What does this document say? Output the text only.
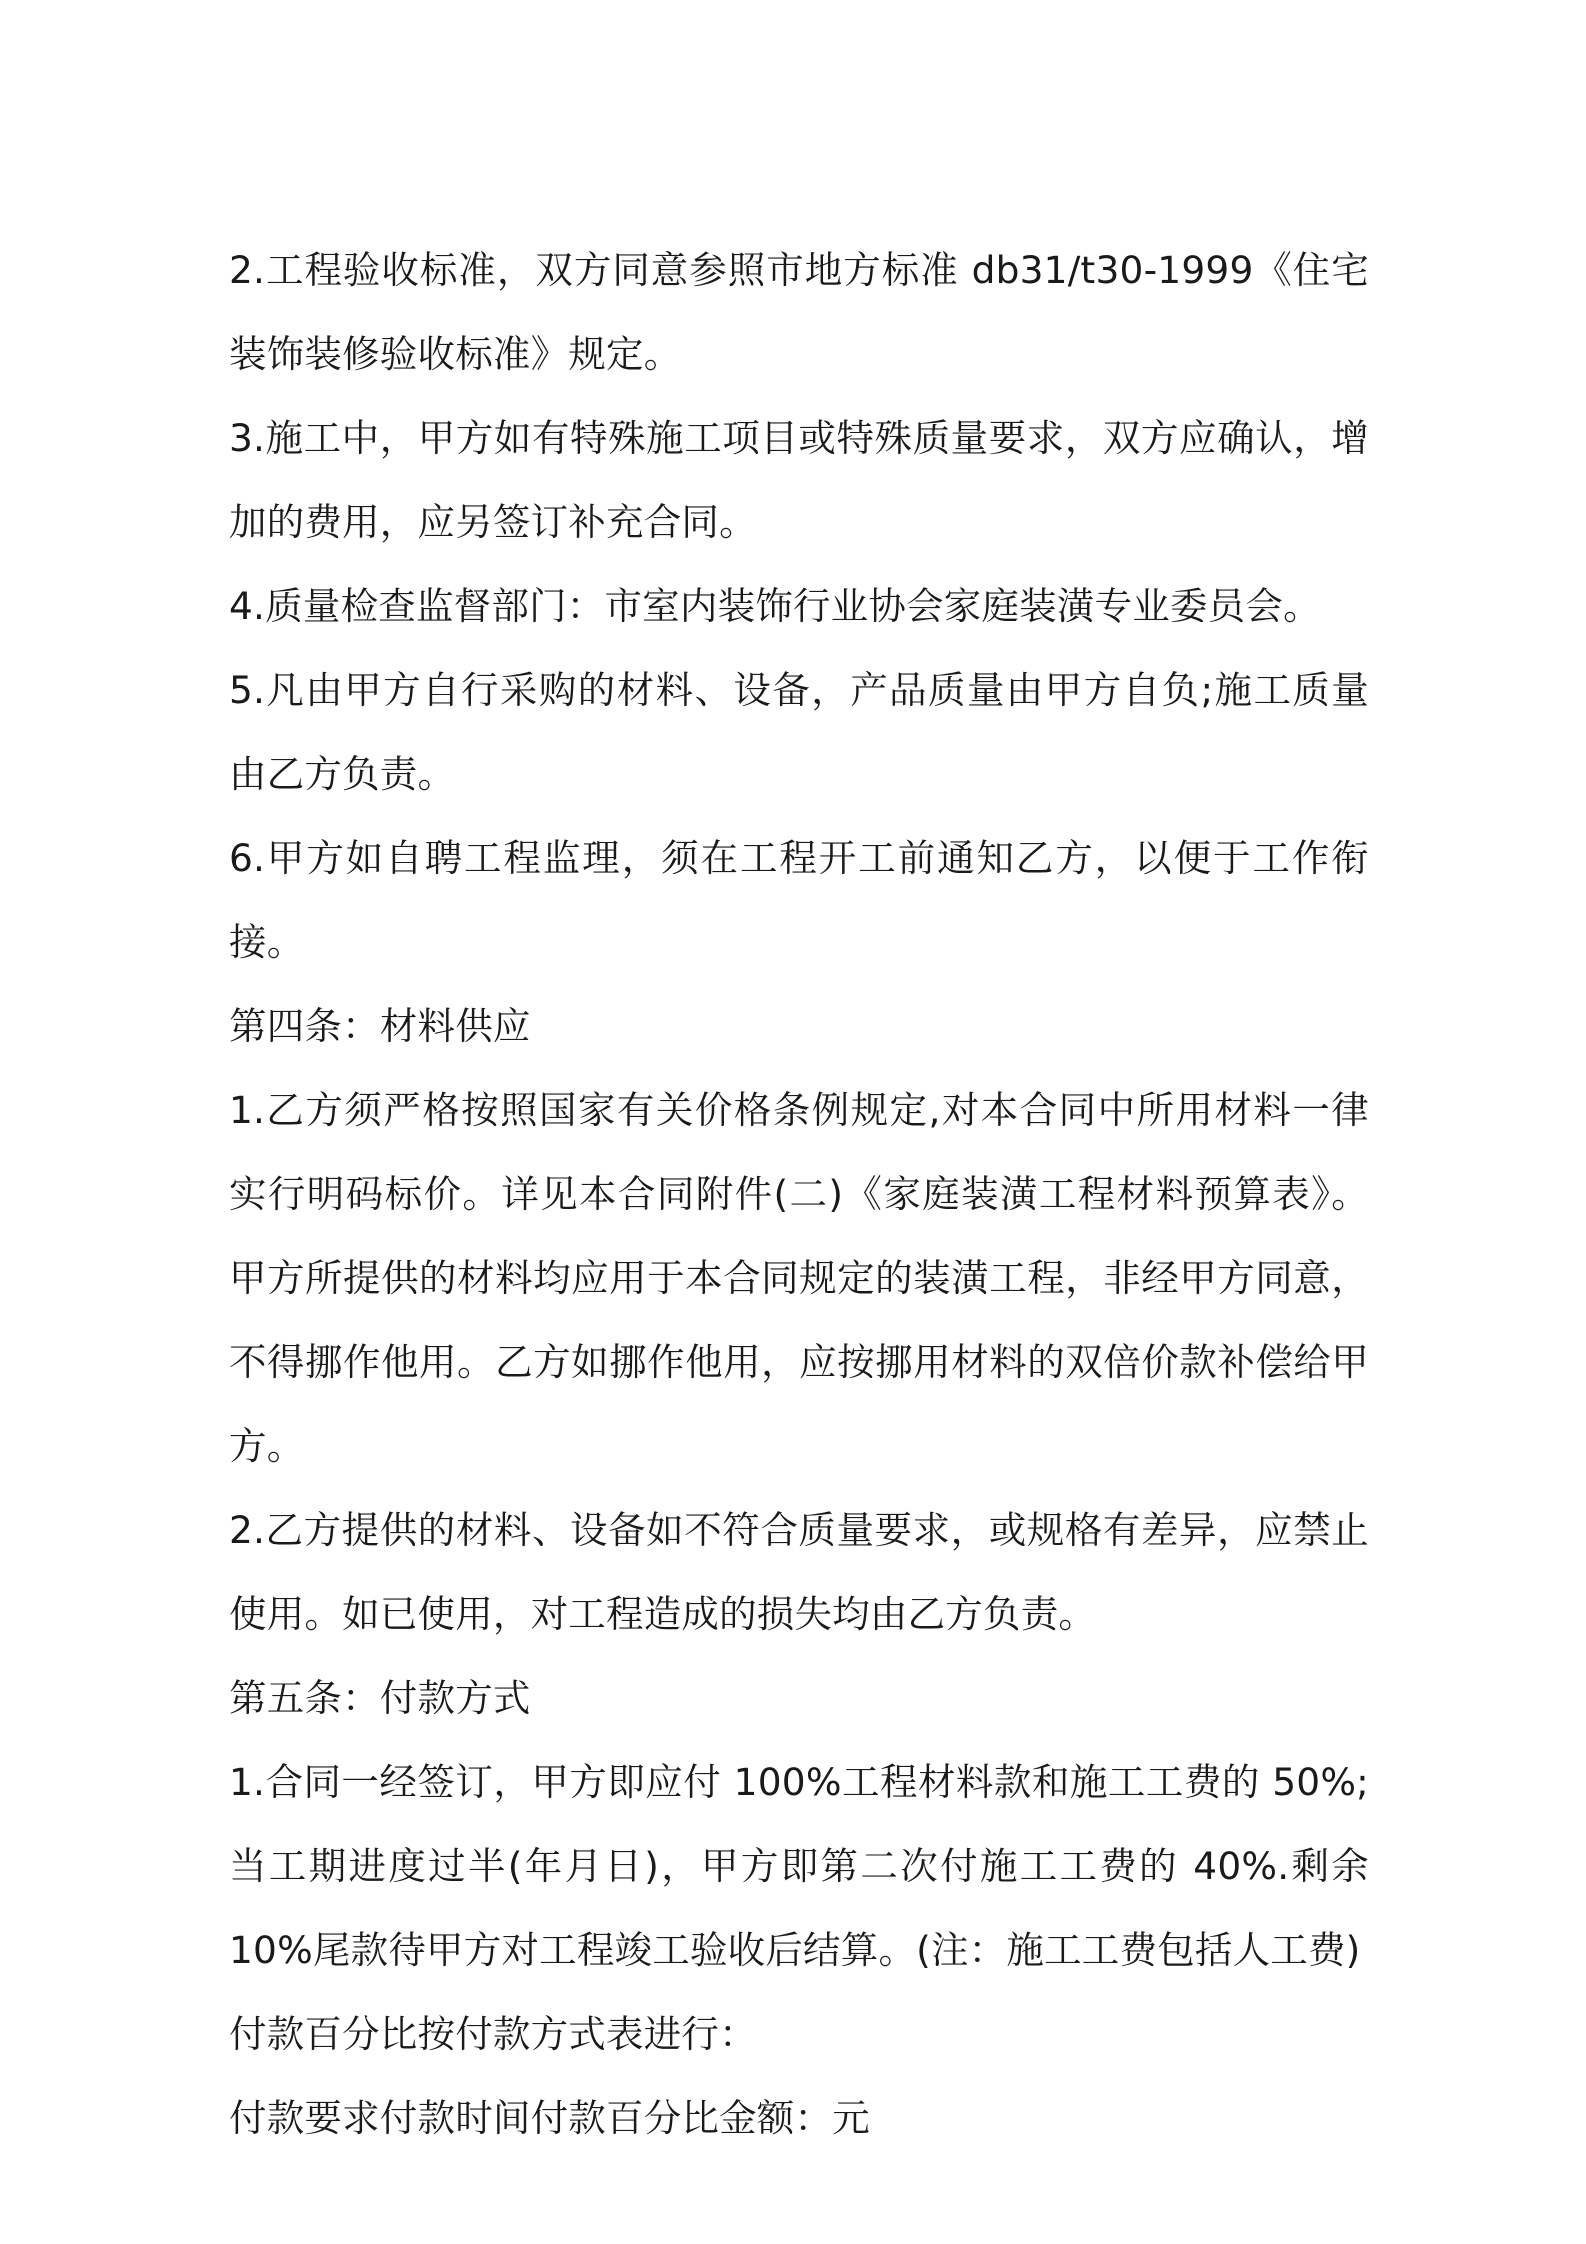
2.工程验收标准，双方同意参照市地方标准 db31/t30-1999《住宅装饰装修验收标准》规定。

3.施工中，甲方如有特殊施工项目或特殊质量要求，双方应确认，增加的费用，应另签订补充合同。

4.质量检查监督部门：市室内装饰行业协会家庭装潢专业委员会。

5.凡由甲方自行采购的材料、设备，产品质量由甲方自负;施工质量由乙方负责。

6.甲方如自聘工程监理，须在工程开工前通知乙方，以便于工作衔接。

第四条：材料供应

1.乙方须严格按照国家有关价格条例规定,对本合同中所用材料一律实行明码标价。详见本合同附件(二)《家庭装潢工程材料预算表》。甲方所提供的材料均应用于本合同规定的装潢工程，非经甲方同意，不得挪作他用。乙方如挪作他用，应按挪用材料的双倍价款补偿给甲方。

2.乙方提供的材料、设备如不符合质量要求，或规格有差异，应禁止使用。如已使用，对工程造成的损失均由乙方负责。

第五条：付款方式

1.合同一经签订，甲方即应付 100%工程材料款和施工工费的 50%;当工期进度过半(年月日)，甲方即第二次付施工工费的 40%.剩余 10%尾款待甲方对工程竣工验收后结算。(注：施工工费包括人工费)

付款百分比按付款方式表进行：

付款要求付款时间付款百分比金额：元
